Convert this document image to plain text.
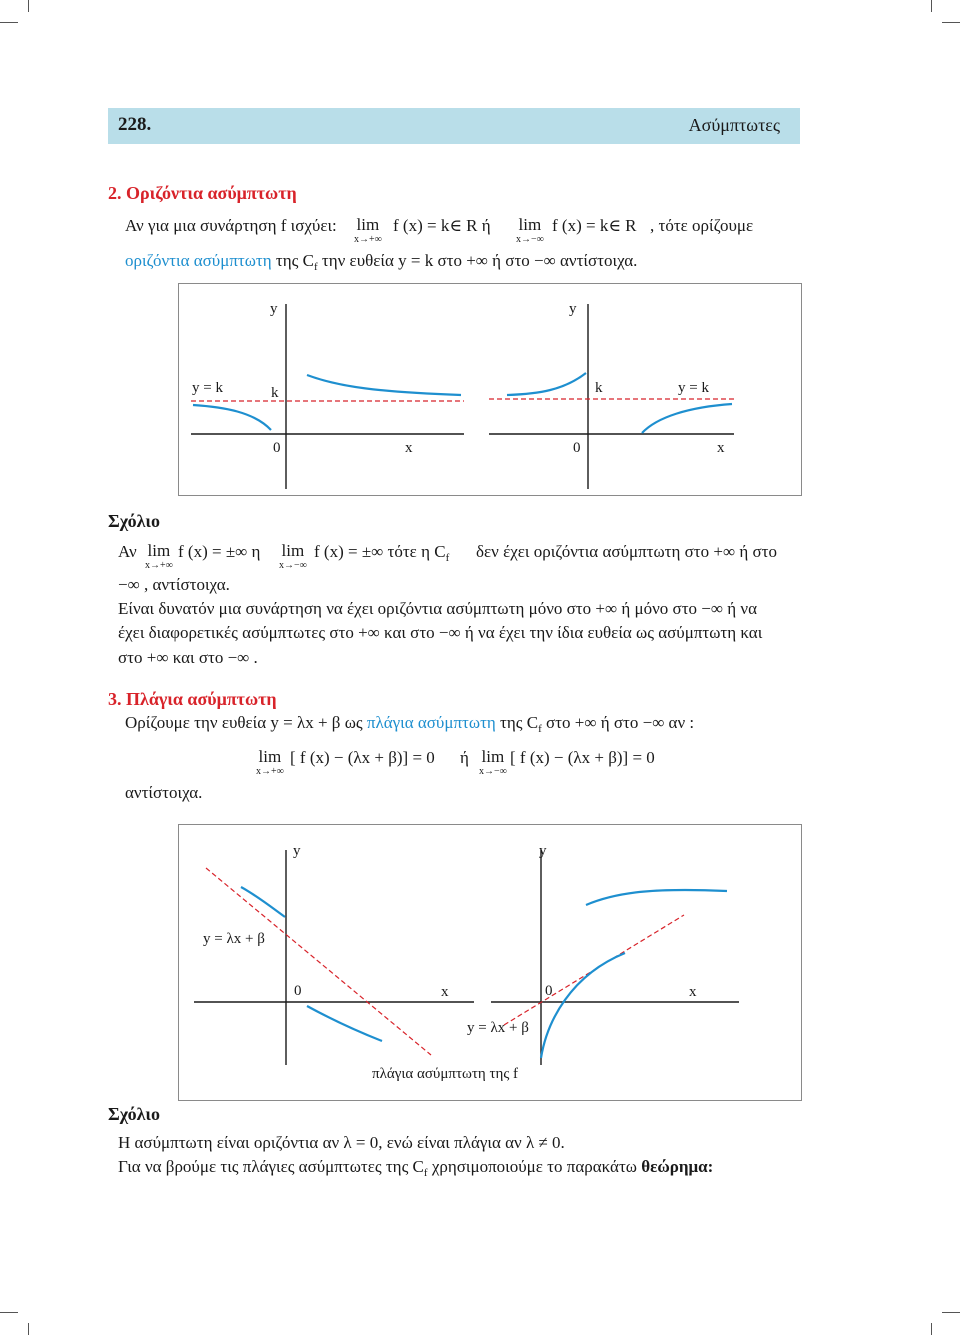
228.	Ασύμπτωτες
2. Οριζόντια ασύμπτωτη
Αν για μια συνάρτηση f ισχύει: lim
x→+∞
f (x) = k∈ R ή lim
x→−∞
f (x) = k∈ R , τότε ορίζουμε
οριζόντια ασύμπτωτη της $C_f$ την ευθεία y = k στο +∞ ή στο −∞ αντίστοιχα.
y
y = k	k
0	x
y
y = k
k
0	x
Σχόλιο
Αν lim
x→+∞
f (x) = ±∞ η lim
x→−∞
f (x) = ±∞ τότε η $C_f$ δεν έχει οριζόντια ασύμπτωτη στο +∞ ή στο
−∞ , αντίστοιχα.
Είναι δυνατόν μια συνάρτηση να έχει οριζόντια ασύμπτωτη μόνο στο +∞ ή μόνο στο −∞ ή να
έχει διαφορετικές ασύμπτωτες στο +∞ και στο −∞ ή να έχει την ίδια ευθεία ως ασύμπτωτη και
στο +∞ και στο −∞ .
3. Πλάγια ασύμπτωτη
Ορίζουμε την ευθεία y = λx + β ως πλάγια ασύμπτωτη της $C_f$ στο +∞ ή στο −∞ αν :
lim
x→+∞
[ f (x) − (λx + β)] = 0 ή lim
x→−∞
[ f (x) − (λx + β)] = 0
αντίστοιχα.
y
y = λx + β
0	x
y
y = λx + β
0	x
πλάγια ασύμπτωτη της f
Σχόλιο
Η ασύμπτωτη είναι οριζόντια αν λ = 0, ενώ είναι πλάγια αν λ ≠ 0.
Για να βρούμε τις πλάγιες ασύμπτωτες της $C_f$ χρησιμοποιούμε το παρακάτω θεώρημα:
